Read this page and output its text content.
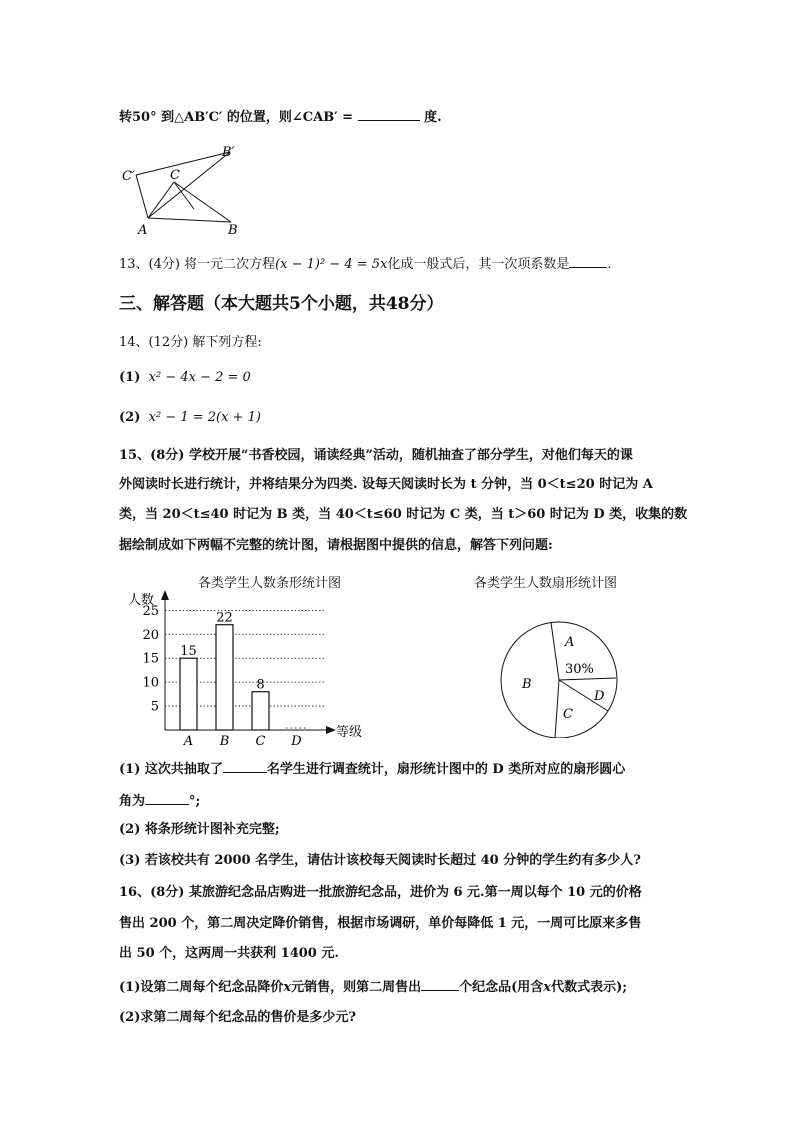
转50° 到△AB′C′ 的位置，则∠CAB′ =	度.
C′
B′
C
A	B
13、(4分) 将一元二次方程(x − 1)² − 4 = 5x化成一般式后，其一次项系数是	.
三、解答题（本大题共5个小题，共48分）
14、(12分) 解下列方程:
(1) x² − 4x − 2 = 0
(2) x² − 1 = 2(x + 1)
15、(8分) 学校开展“书香校园，诵读经典”活动，随机抽查了部分学生，对他们每天的课
外阅读时长进行统计，并将结果分为四类. 设每天阅读时长为 t 分钟，当 0＜t≤20 时记为 A
类，当 20＜t≤40 时记为 B 类，当 40＜t≤60 时记为 C 类，当 t＞60 时记为 D 类，收集的数
据绘制成如下两幅不完整的统计图，请根据图中提供的信息，解答下列问题:
各类学生人数条形统计图
人数
等级
5
10
15
20
25
15
A
22
B
8
C D
各类学生人数扇形统计图
A
30%
B
D
C
(1) 这次共抽取了	名学生进行调查统计，扇形统计图中的 D 类所对应的扇形圆心
角为	°;
(2) 将条形统计图补充完整;
(3) 若该校共有 2000 名学生，请估计该校每天阅读时长超过 40 分钟的学生约有多少人?
16、(8分) 某旅游纪念品店购进一批旅游纪念品，进价为 6 元.第一周以每个 10 元的价格
售出 200 个，第二周决定降价销售，根据市场调研，单价每降低 1 元，一周可比原来多售
出 50 个，这两周一共获利 1400 元.
(1)设第二周每个纪念品降价x元销售，则第二周售出	个纪念品(用含x代数式表示);
(2)求第二周每个纪念品的售价是多少元?
